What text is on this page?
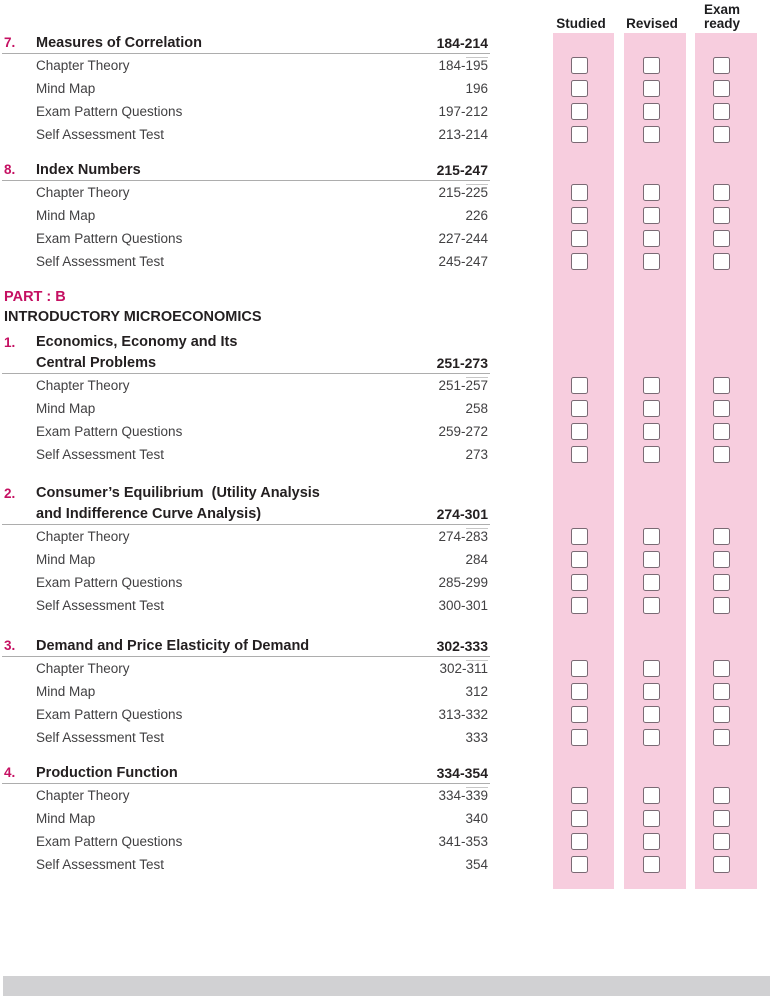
Studied Revised
Exam
ready
7. Measures of Correlation	184-214
Chapter Theory	184-195
Mind Map	196
Exam Pattern Questions	197-212
Self Assessment Test	213-214
8. Index Numbers	215-247
Chapter Theory	215-225
Mind Map	226
Exam Pattern Questions	227-244
Self Assessment Test	245-247
PART : B
INTRODUCTORY MICROECONOMICS
1. Economics, Economy and Its
Central Problems	251-273
Chapter Theory	251-257
Mind Map	258
Exam Pattern Questions	259-272
Self Assessment Test	273
2. Consumer’s Equilibrium  (Utility Analysis
and Indifference Curve Analysis)	274-301
Chapter Theory	274-283
Mind Map	284
Exam Pattern Questions	285-299
Self Assessment Test	300-301
3. Demand and Price Elasticity of Demand	302-333
Chapter Theory	302-311
Mind Map	312
Exam Pattern Questions	313-332
Self Assessment Test	333
4. Production Function	334-354
Chapter Theory	334-339
Mind Map	340
Exam Pattern Questions	341-353
Self Assessment Test	354
